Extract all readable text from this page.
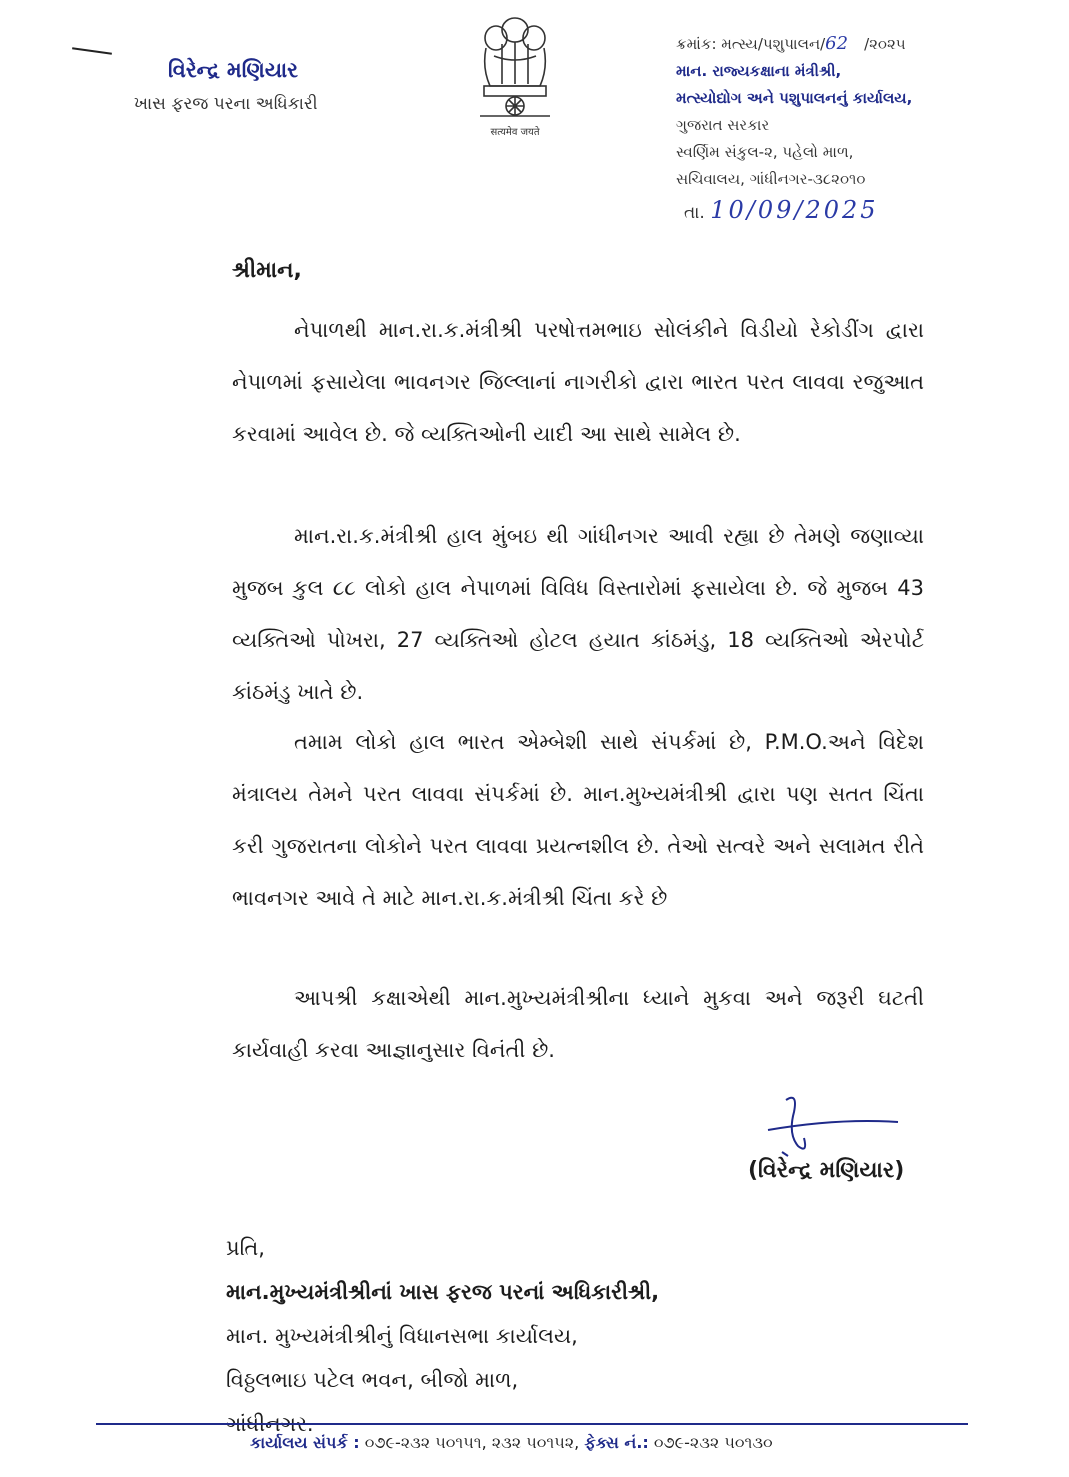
વિરેન્દ્ર મણિયાર
ખાસ ફરજ પરના અધિકારી
सत्यमेव जयते
ક્રમાંક: મત્સ્ય/પશુપાલન/62 /૨૦૨૫
માન. રાજ્યકક્ષાના મંત્રીશ્રી,
મત્સ્યોદ્યોગ અને પશુપાલનનું કાર્યાલય,
ગુજરાત સરકાર
સ્વર્ણિમ સંકુલ-૨, પહેલો માળ,
સચિવાલય, ગાંધીનગર-૩૮૨૦૧૦
તા. 10/09/2025
શ્રીમાન,
નેપાળથી માન.રા.ક.મંત્રીશ્રી પરષોત્તમભાઇ સોલંકીને વિડીયો રેકોડીંગ દ્વારા નેપાળમાં ફસાયેલા ભાવનગર જિલ્લાનાં નાગરીકો દ્વારા ભારત પરત લાવવા રજુઆત કરવામાં આવેલ છે. જે વ્યક્તિઓની યાદી આ સાથે સામેલ છે.
માન.રા.ક.મંત્રીશ્રી હાલ મુંબઇ થી ગાંધીનગર આવી રહ્યા છે તેમણે જણાવ્યા મુજબ કુલ ૮૮ લોકો હાલ નેપાળમાં વિવિધ વિસ્તારોમાં ફસાયેલા છે. જે મુજબ 43 વ્યક્તિઓ પોખરા, 27 વ્યક્તિઓ હોટલ હયાત કાંઠમંડુ, 18 વ્યક્તિઓ એરપોર્ટ કાંઠમંડુ ખાતે છે.
તમામ લોકો હાલ ભારત એમ્બેશી સાથે સંપર્કમાં છે, P.M.O.અને વિદેશ મંત્રાલય તેમને પરત લાવવા સંપર્કમાં છે. માન.મુખ્યમંત્રીશ્રી દ્વારા પણ સતત ચિંતા કરી ગુજરાતના લોકોને પરત લાવવા પ્રયત્નશીલ છે. તેઓ સત્વરે અને સલામત રીતે ભાવનગર આવે તે માટે માન.રા.ક.મંત્રીશ્રી ચિંતા કરે છે
આપશ્રી કક્ષાએથી માન.મુખ્યમંત્રીશ્રીના ધ્યાને મુકવા અને જરૂરી ઘટતી કાર્યવાહી કરવા આજ્ઞાનુસાર વિનંતી છે.
(વિરેન્દ્ર મણિયાર)
પ્રતિ,
માન.મુખ્યમંત્રીશ્રીનાં ખાસ ફરજ પરનાં અધિકારીશ્રી,
માન. મુખ્યમંત્રીશ્રીનું વિધાનસભા કાર્યાલય,
વિઠ્ઠલભાઇ પટેલ ભવન, બીજો માળ,
ગાંધીનગર.
કાર્યાલય સંપર્ક : ૦૭૯-૨૩૨ ૫૦૧૫૧, ૨૩૨ ૫૦૧૫૨, ફેક્સ નં.: ૦૭૯-૨૩૨ ૫૦૧૩૦
